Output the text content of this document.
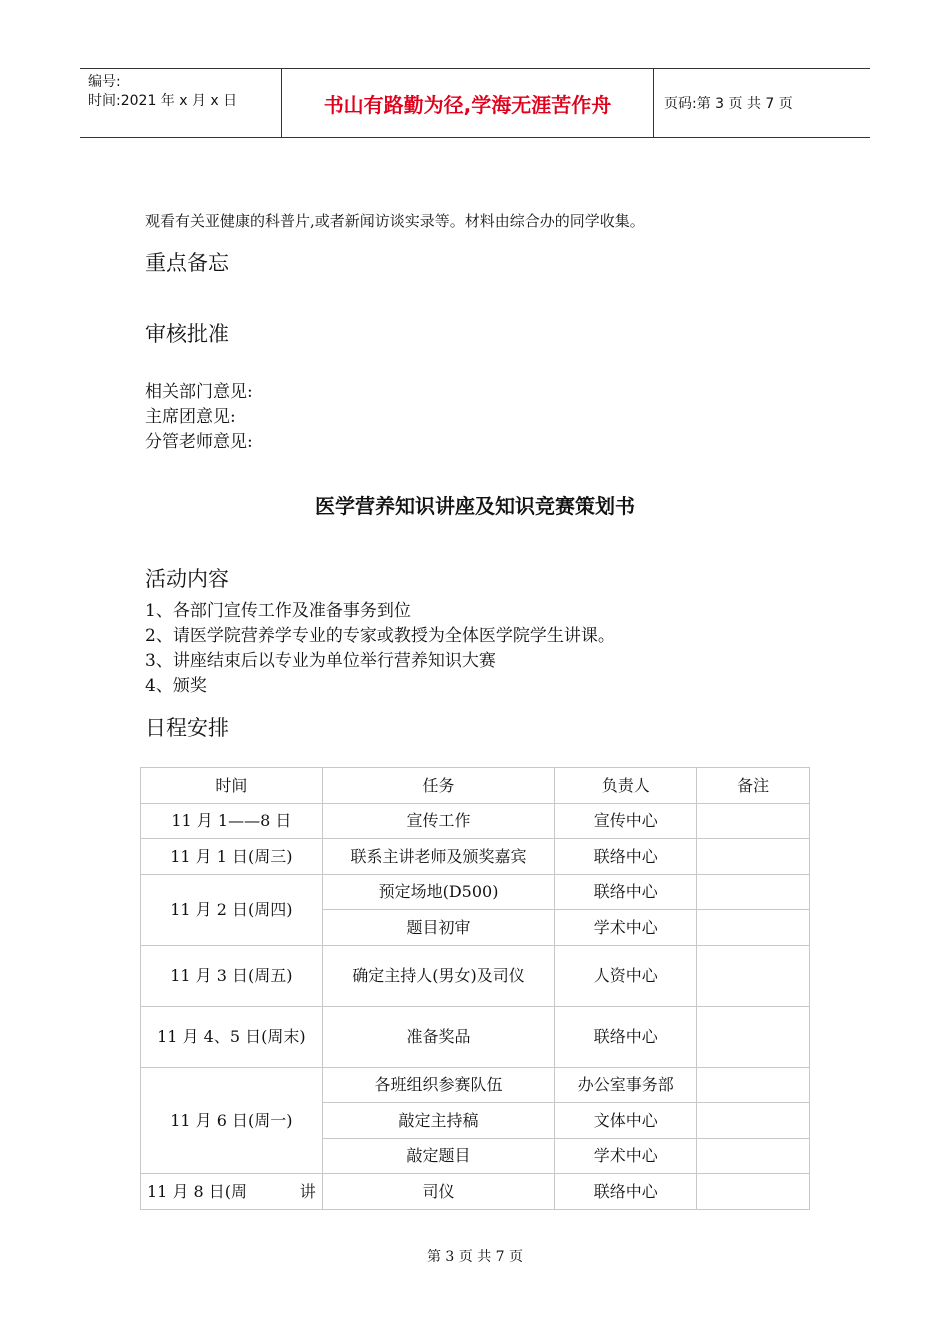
编号:
时间:2021 年 x 月 x 日	书山有路勤为径,学海无涯苦作舟	页码:第 3 页 共 7 页
观看有关亚健康的科普片,或者新闻访谈实录等。材料由综合办的同学收集。
重点备忘
审核批准
相关部门意见:
主席团意见:
分管老师意见:
医学营养知识讲座及知识竞赛策划书
活动内容
1、各部门宣传工作及准备事务到位
2、请医学院营养学专业的专家或教授为全体医学院学生讲课。
3、讲座结束后以专业为单位举行营养知识大赛
4、颁奖
日程安排
时间	任务	负责人	备注
11 月 1——8 日	宣传工作	宣传中心	
11 月 1 日(周三)	联系主讲老师及颁奖嘉宾	联络中心	
11 月 2 日(周四)	预定场地(D500)	联络中心	
	题目初审	学术中心	
11 月 3 日(周五)	确定主持人(男女)及司仪	人资中心	
11 月 4、5 日(周末)	准备奖品	联络中心	
11 月 6 日(周一)	各班组织参赛队伍	办公室事务部	
	敲定主持稿	文体中心	
	敲定题目	学术中心	
11 月 8 日(周 讲	司仪	联络中心	
第 3 页 共 7 页
